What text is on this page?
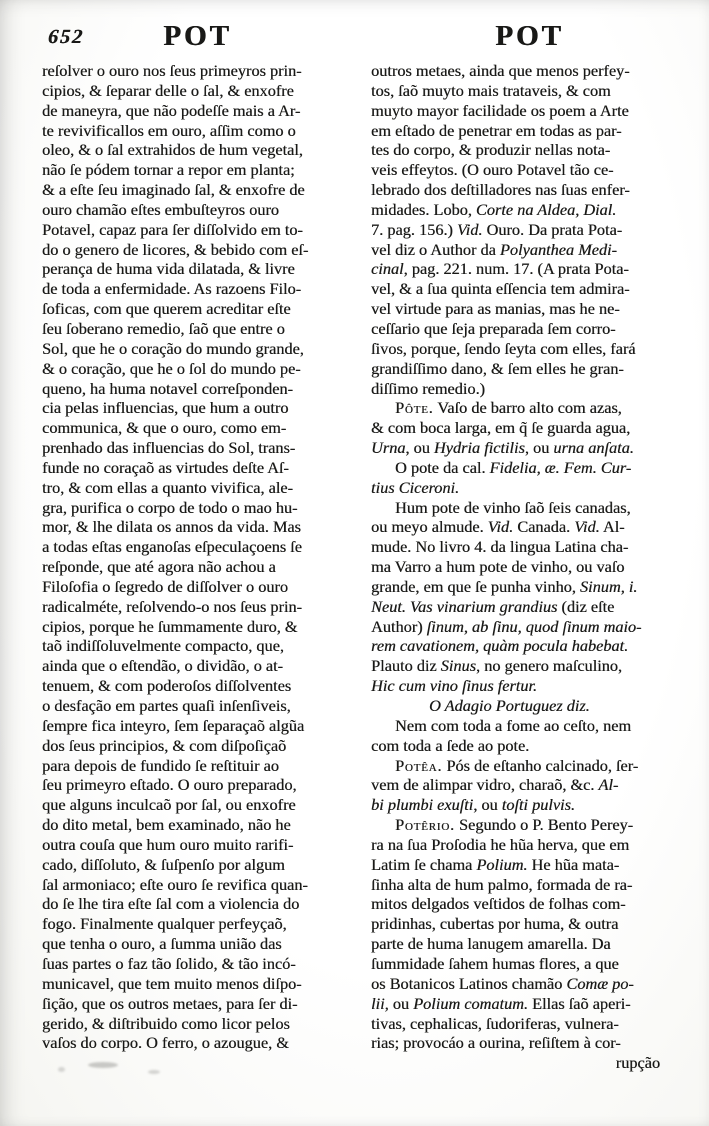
652	POT	POT
reſolver o ouro nos ſeus primeyros prin-
cipios, & ſeparar delle o ſal, & enxofre
de maneyra, que não podeſſe mais a Ar-
te revivificallos em ouro, aſſim como o
oleo, & o ſal extrahidos de hum vegetal,
não ſe pódem tornar a repor em planta;
& a eſte ſeu imaginado ſal, & enxofre de
ouro chamão eſtes embuſteyros ouro
Potavel, capaz para ſer diſſolvido em to-
do o genero de licores, & bebido com eſ-
perança de huma vida dilatada, & livre
de toda a enfermidade. As razoens Filo-
ſoficas, com que querem acreditar eſte
ſeu ſoberano remedio, ſaõ que entre o
Sol, que he o coração do mundo grande,
& o coração, que he o ſol do mundo pe-
queno, ha huma notavel correſponden-
cia pelas influencias, que hum a outro
communica, & que o ouro, como em-
prenhado das influencias do Sol, trans-
funde no coraçaõ as virtudes deſte Aſ-
tro, & com ellas a quanto vivifica, ale-
gra, purifica o corpo de todo o mao hu-
mor, & lhe dilata os annos da vida. Mas
a todas eſtas enganoſas eſpeculaçoens ſe
reſponde, que até agora não achou a
Filoſofia o ſegredo de diſſolver o ouro
radicalméte, reſolvendo-o nos ſeus prin-
cipios, porque he ſummamente duro, &
taõ indiſſoluvelmente compacto, que,
ainda que o eſtendão, o dividão, o at-
tenuem, & com poderoſos diſſolventes
o desfação em partes quaſi inſenſiveis,
ſempre fica inteyro, ſem ſeparaçaõ algũa
dos ſeus principios, & com diſpoſiçaõ
para depois de fundido ſe reſtituir ao
ſeu primeyro eſtado. O ouro preparado,
que alguns inculcaõ por ſal, ou enxofre
do dito metal, bem examinado, não he
outra couſa que hum ouro muito rarifi-
cado, diſſoluto, & ſuſpenſo por algum
ſal armoniaco; eſte ouro ſe revifica quan-
do ſe lhe tira eſte ſal com a violencia do
fogo. Finalmente qualquer perfeyçaõ,
que tenha o ouro, a ſumma união das
ſuas partes o faz tão ſolido, & tão incó-
municavel, que tem muito menos diſpo-
ſição, que os outros metaes, para ſer di-
gerido, & diſtribuido como licor pelos
vaſos do corpo. O ferro, o azougue, &
outros metaes, ainda que menos perfey-
tos, ſaõ muyto mais trataveis, & com
muyto mayor facilidade os poem a Arte
em eſtado de penetrar em todas as par-
tes do corpo, & produzir nellas nota-
veis effeytos. (O ouro Potavel tão ce-
lebrado dos deſtilladores nas ſuas enfer-
midades. Lobo, Corte na Aldea, Dial.
7. pag. 156.) Vid. Ouro. Da prata Pota-
vel diz o Author da Polyanthea Medi-
cinal, pag. 221. num. 17. (A prata Pota-
vel, & a ſua quinta eſſencia tem admira-
vel virtude para as manias, mas he ne-
ceſſario que ſeja preparada ſem corro-
ſivos, porque, ſendo ſeyta com elles, fará
grandiſſimo dano, & ſem elles he gran-
diſſimo remedio.)
Pôte. Vaſo de barro alto com azas,
& com boca larga, em q̃ ſe guarda agua,
Urna, ou Hydria fictilis, ou urna anſata.
O pote da cal. Fidelia, æ. Fem. Cur-
tius Ciceroni.
Hum pote de vinho ſaõ ſeis canadas,
ou meyo almude. Vid. Canada. Vid. Al-
mude. No livro 4. da lingua Latina cha-
ma Varro a hum pote de vinho, ou vaſo
grande, em que ſe punha vinho, Sinum, i.
Neut. Vas vinarium grandius (diz eſte
Author) ſinum, ab ſinu, quod ſinum maio-
rem cavationem, quàm pocula habebat.
Plauto diz Sinus, no genero maſculino,
Hic cum vino ſinus fertur.
O Adagio Portuguez diz.
Nem com toda a fome ao ceſto, nem
com toda a ſede ao pote.
Potêa. Pós de eſtanho calcinado, ſer-
vem de alimpar vidro, charaõ, &c. Al-
bi plumbi exuſti, ou toſti pulvis.
Potêrio. Segundo o P. Bento Perey-
ra na ſua Proſodia he hũa herva, que em
Latim ſe chama Polium. He hũa mata-
ſinha alta de hum palmo, formada de ra-
mitos delgados veſtidos de folhas com-
pridinhas, cubertas por huma, & outra
parte de huma lanugem amarella. Da
ſummidade ſahem humas flores, a que
os Botanicos Latinos chamão Comæ po-
lii, ou Polium comatum. Ellas ſaõ aperi-
tivas, cephalicas, ſudoriferas, vulnera-
rias; provocáo a ourina, reſiſtem à cor-
rupção
